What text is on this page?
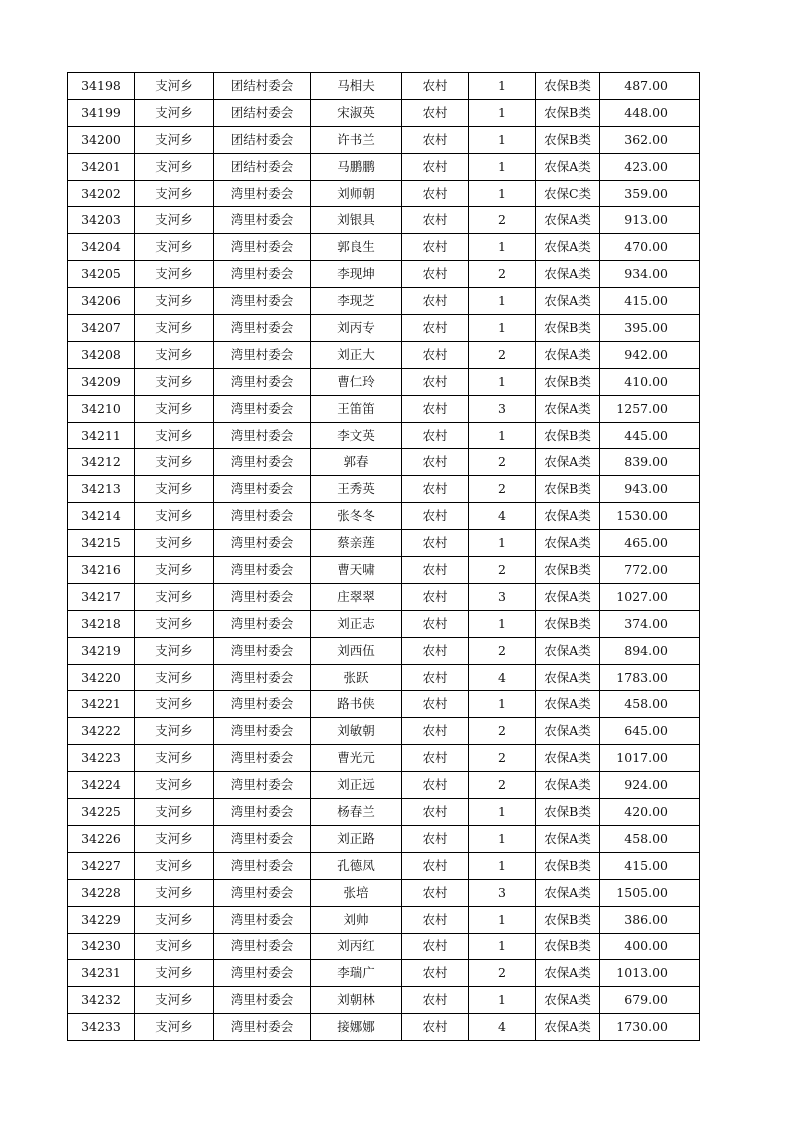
34198	支河乡	团结村委会	马相夫	农村	1	农保B类	487.00
34199	支河乡	团结村委会	宋淑英	农村	1	农保B类	448.00
34200	支河乡	团结村委会	许书兰	农村	1	农保B类	362.00
34201	支河乡	团结村委会	马鹏鹏	农村	1	农保A类	423.00
34202	支河乡	湾里村委会	刘师朝	农村	1	农保C类	359.00
34203	支河乡	湾里村委会	刘银具	农村	2	农保A类	913.00
34204	支河乡	湾里村委会	郭良生	农村	1	农保A类	470.00
34205	支河乡	湾里村委会	李现坤	农村	2	农保A类	934.00
34206	支河乡	湾里村委会	李现芝	农村	1	农保A类	415.00
34207	支河乡	湾里村委会	刘丙专	农村	1	农保B类	395.00
34208	支河乡	湾里村委会	刘正大	农村	2	农保A类	942.00
34209	支河乡	湾里村委会	曹仁玲	农村	1	农保B类	410.00
34210	支河乡	湾里村委会	王笛笛	农村	3	农保A类	1257.00
34211	支河乡	湾里村委会	李文英	农村	1	农保B类	445.00
34212	支河乡	湾里村委会	郭春	农村	2	农保A类	839.00
34213	支河乡	湾里村委会	王秀英	农村	2	农保B类	943.00
34214	支河乡	湾里村委会	张冬冬	农村	4	农保A类	1530.00
34215	支河乡	湾里村委会	蔡亲莲	农村	1	农保A类	465.00
34216	支河乡	湾里村委会	曹天啸	农村	2	农保B类	772.00
34217	支河乡	湾里村委会	庄翠翠	农村	3	农保A类	1027.00
34218	支河乡	湾里村委会	刘正志	农村	1	农保B类	374.00
34219	支河乡	湾里村委会	刘西伍	农村	2	农保A类	894.00
34220	支河乡	湾里村委会	张跃	农村	4	农保A类	1783.00
34221	支河乡	湾里村委会	路书侠	农村	1	农保A类	458.00
34222	支河乡	湾里村委会	刘敏朝	农村	2	农保A类	645.00
34223	支河乡	湾里村委会	曹光元	农村	2	农保A类	1017.00
34224	支河乡	湾里村委会	刘正远	农村	2	农保A类	924.00
34225	支河乡	湾里村委会	杨春兰	农村	1	农保B类	420.00
34226	支河乡	湾里村委会	刘正路	农村	1	农保A类	458.00
34227	支河乡	湾里村委会	孔德凤	农村	1	农保B类	415.00
34228	支河乡	湾里村委会	张培	农村	3	农保A类	1505.00
34229	支河乡	湾里村委会	刘帅	农村	1	农保B类	386.00
34230	支河乡	湾里村委会	刘丙红	农村	1	农保B类	400.00
34231	支河乡	湾里村委会	李瑞广	农村	2	农保A类	1013.00
34232	支河乡	湾里村委会	刘朝林	农村	1	农保A类	679.00
34233	支河乡	湾里村委会	接娜娜	农村	4	农保A类	1730.00
